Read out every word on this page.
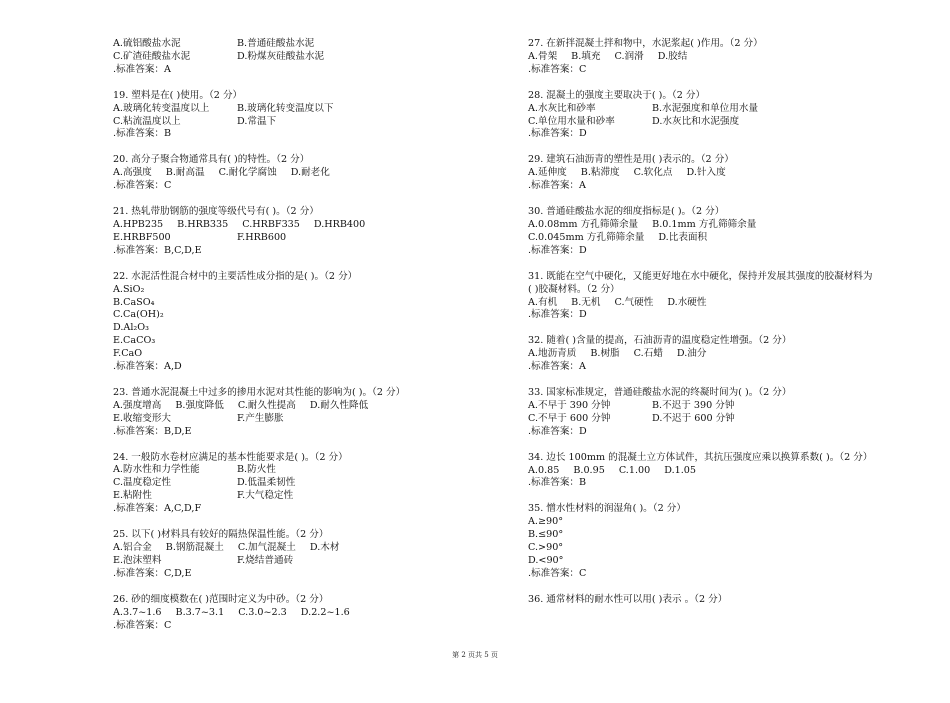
A.硫铝酸盐水泥	B.普通硅酸盐水泥
C.矿渣硅酸盐水泥	D.粉煤灰硅酸盐水泥
.标准答案：A
19. 塑料是在( )使用。（2 分）
A.玻璃化转变温度以上	B.玻璃化转变温度以下
C.粘流温度以上	D.常温下
.标准答案：B
20. 高分子聚合物通常具有( )的特性。（2 分）
A.高强度 B.耐高温 C.耐化学腐蚀 D.耐老化
.标准答案：C
21. 热轧带肋钢筋的强度等级代号有( )。（2 分）
A.HPB235 B.HRB335 C.HRBF335 D.HRB400
E.HRBF500	F.HRB600
.标准答案：B,C,D,E
22. 水泥活性混合材中的主要活性成分指的是( )。（2 分）
A.SiO₂
B.CaSO₄
C.Ca(OH)₂
D.Al₂O₃
E.CaCO₃
F.CaO
.标准答案：A,D
23. 普通水泥混凝土中过多的掺用水泥对其性能的影响为( )。（2 分）
A.强度增高 B.强度降低 C.耐久性提高 D.耐久性降低
E.收缩变形大	F.产生膨胀
.标准答案：B,D,E
24. 一般防水卷材应满足的基本性能要求是( )。（2 分）
A.防水性和力学性能	B.防火性
C.温度稳定性	D.低温柔韧性
E.粘附性	F.大气稳定性
.标准答案：A,C,D,F
25. 以下( )材料具有较好的隔热保温性能。（2 分）
A.铝合金 B.钢筋混凝土 C.加气混凝土 D.木材
E.泡沫塑料	F.烧结普通砖
.标准答案：C,D,E
26. 砂的细度模数在( )范围时定义为中砂。（2 分）
A.3.7~1.6 B.3.7~3.1 C.3.0~2.3 D.2.2~1.6
.标准答案：C
27. 在新拌混凝土拌和物中，水泥浆起( )作用。（2 分）
A.骨架 B.填充 C.润滑 D.胶结
.标准答案：C
28. 混凝土的强度主要取决于( )。（2 分）
A.水灰比和砂率	B.水泥强度和单位用水量
C.单位用水量和砂率	D.水灰比和水泥强度
.标准答案：D
29. 建筑石油沥青的塑性是用( )表示的。（2 分）
A.延伸度 B.粘滞度 C.软化点 D.针入度
.标准答案：A
30. 普通硅酸盐水泥的细度指标是( )。（2 分）
A.0.08mm 方孔筛筛余量 B.0.1mm 方孔筛筛余量
C.0.045mm 方孔筛筛余量 D.比表面积
.标准答案：D
31. 既能在空气中硬化，又能更好地在水中硬化，保持并发展其强度的胶凝材料为( )胶凝材料。（2 分）
A.有机 B.无机 C.气硬性 D.水硬性
.标准答案：D
32. 随着( )含量的提高，石油沥青的温度稳定性增强。（2 分）
A.地沥青质 B.树脂 C.石蜡 D.油分
.标准答案：A
33. 国家标准规定，普通硅酸盐水泥的终凝时间为( )。（2 分）
A.不早于 390 分钟	B.不迟于 390 分钟
C.不早于 600 分钟	D.不迟于 600 分钟
.标准答案：D
34. 边长 100mm 的混凝土立方体试件，其抗压强度应乘以换算系数( )。（2 分）
A.0.85 B.0.95 C.1.00 D.1.05
.标准答案：B
35. 憎水性材料的润湿角( )。（2 分）
A.≥90°
B.≤90°
C.>90°
D.<90°
.标准答案：C
36. 通常材料的耐水性可以用( )表示 。（2 分）
第 2 页共 5 页
